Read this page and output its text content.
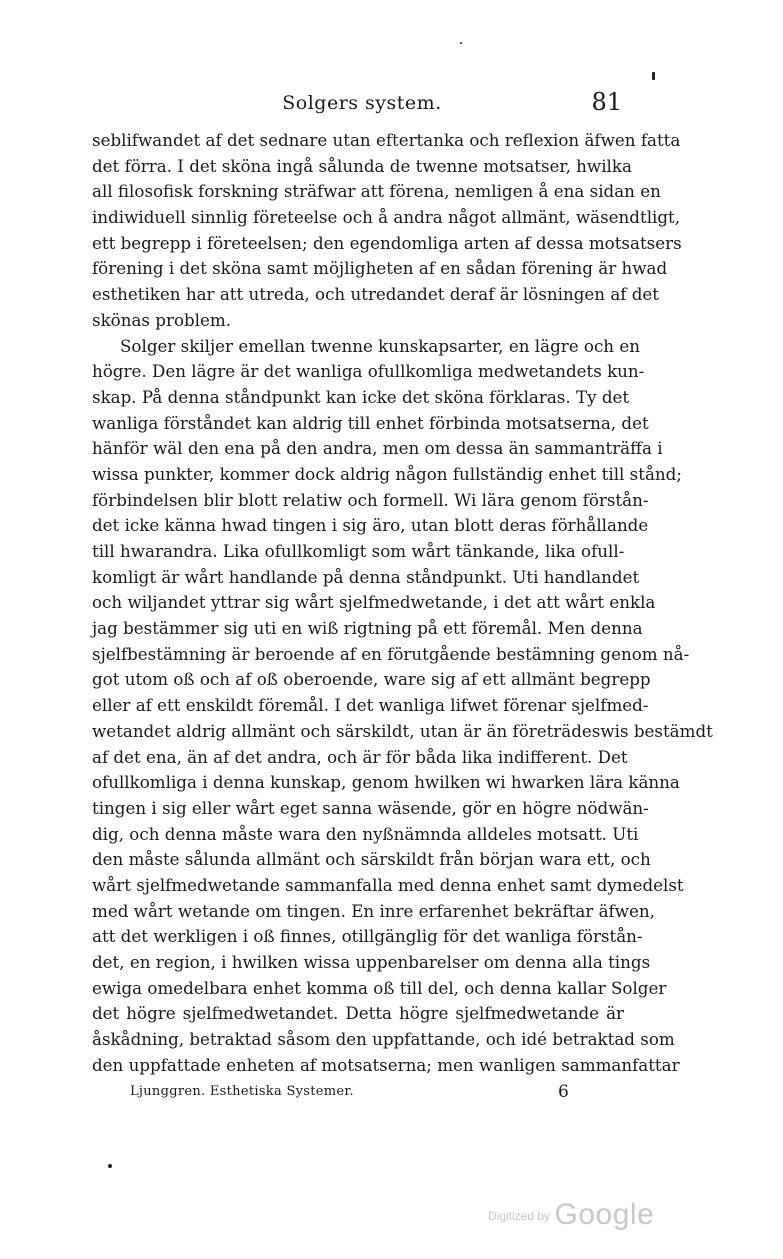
Solgers system.	81
seblifwandet af det sednare utan eftertanka och reflexion äfwen fatta
det förra. I det sköna ingå sålunda de twenne motsatser, hwilka
all filosofisk forskning sträfwar att förena, nemligen å ena sidan en
indiwiduell sinnlig företeelse och å andra något allmänt, wäsendtligt,
ett begrepp i företeelsen; den egendomliga arten af dessa motsatsers
förening i det sköna samt möjligheten af en sådan förening är hwad
esthetiken har att utreda, och utredandet deraf är lösningen af det
skönas problem.
Solger skiljer emellan twenne kunskapsarter, en lägre och en
högre. Den lägre är det wanliga ofullkomliga medwetandets kun-
skap. På denna ståndpunkt kan icke det sköna förklaras. Ty det
wanliga förståndet kan aldrig till enhet förbinda motsatserna, det
hänför wäl den ena på den andra, men om dessa än sammanträffa i
wissa punkter, kommer dock aldrig någon fullständig enhet till stånd;
förbindelsen blir blott relatiw och formell. Wi lära genom förstån-
det icke känna hwad tingen i sig äro, utan blott deras förhållande
till hwarandra. Lika ofullkomligt som wårt tänkande, lika ofull-
komligt är wårt handlande på denna ståndpunkt. Uti handlandet
och wiljandet yttrar sig wårt sjelfmedwetande, i det att wårt enkla
jag bestämmer sig uti en wiß rigtning på ett föremål. Men denna
sjelfbestämning är beroende af en förutgående bestämning genom nå-
got utom oß och af oß oberoende, ware sig af ett allmänt begrepp
eller af ett enskildt föremål. I det wanliga lifwet förenar sjelfmed-
wetandet aldrig allmänt och särskildt, utan är än företrädeswis bestämdt
af det ena, än af det andra, och är för båda lika indifferent. Det
ofullkomliga i denna kunskap, genom hwilken wi hwarken lära känna
tingen i sig eller wårt eget sanna wäsende, gör en högre nödwän-
dig, och denna måste wara den nyßnämnda alldeles motsatt. Uti
den måste sålunda allmänt och särskildt från början wara ett, och
wårt sjelfmedwetande sammanfalla med denna enhet samt dymedelst
med wårt wetande om tingen. En inre erfarenhet bekräftar äfwen,
att det werkligen i oß finnes, otillgänglig för det wanliga förstån-
det, en region, i hwilken wissa uppenbarelser om denna alla tings
ewiga omedelbara enhet komma oß till del, och denna kallar Solger
det högre sjelfmedwetandet. Detta högre sjelfmedwetande är
åskådning, betraktad såsom den uppfattande, och idé betraktad som
den uppfattade enheten af motsatserna; men wanligen sammanfattar
Ljunggren. Esthetiska Systemer.	6
$^{Digitized by}$ Google
